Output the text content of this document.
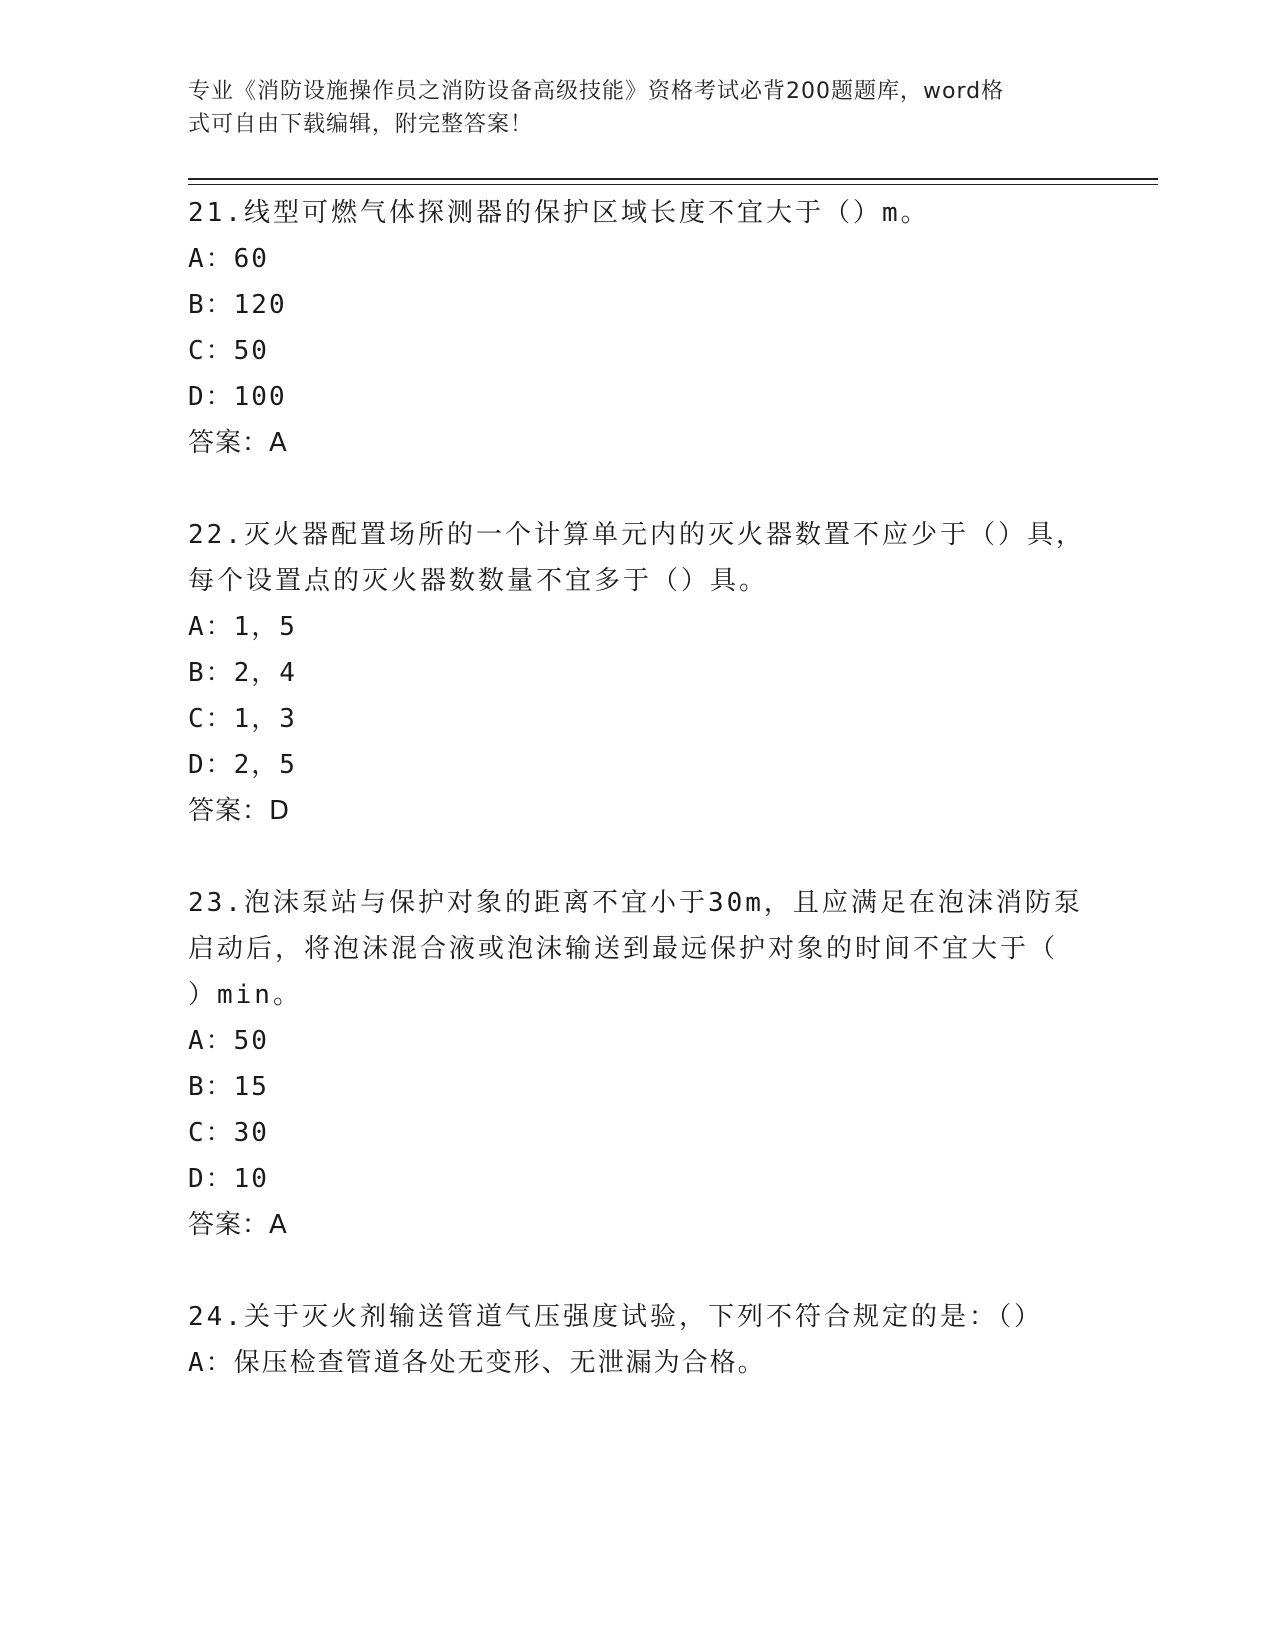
专业《消防设施操作员之消防设备高级技能》资格考试必背200题题库，word格
式可自由下载编辑，附完整答案！
21.线型可燃气体探测器的保护区域长度不宜大于（）m。
A：60
B：120
C：50
D：100
答案：A
22.灭火器配置场所的一个计算单元内的灭火器数置不应少于（）具，
每个设置点的灭火器数数量不宜多于（）具。
A：1，5
B：2，4
C：1，3
D：2，5
答案：D
23.泡沫泵站与保护对象的距离不宜小于30m，且应满足在泡沫消防泵
启动后，将泡沫混合液或泡沫输送到最远保护对象的时间不宜大于（
）min。
A：50
B：15
C：30
D：10
答案：A
24.关于灭火剂输送管道气压强度试验，下列不符合规定的是：（）
A：保压检查管道各处无变形、无泄漏为合格。
